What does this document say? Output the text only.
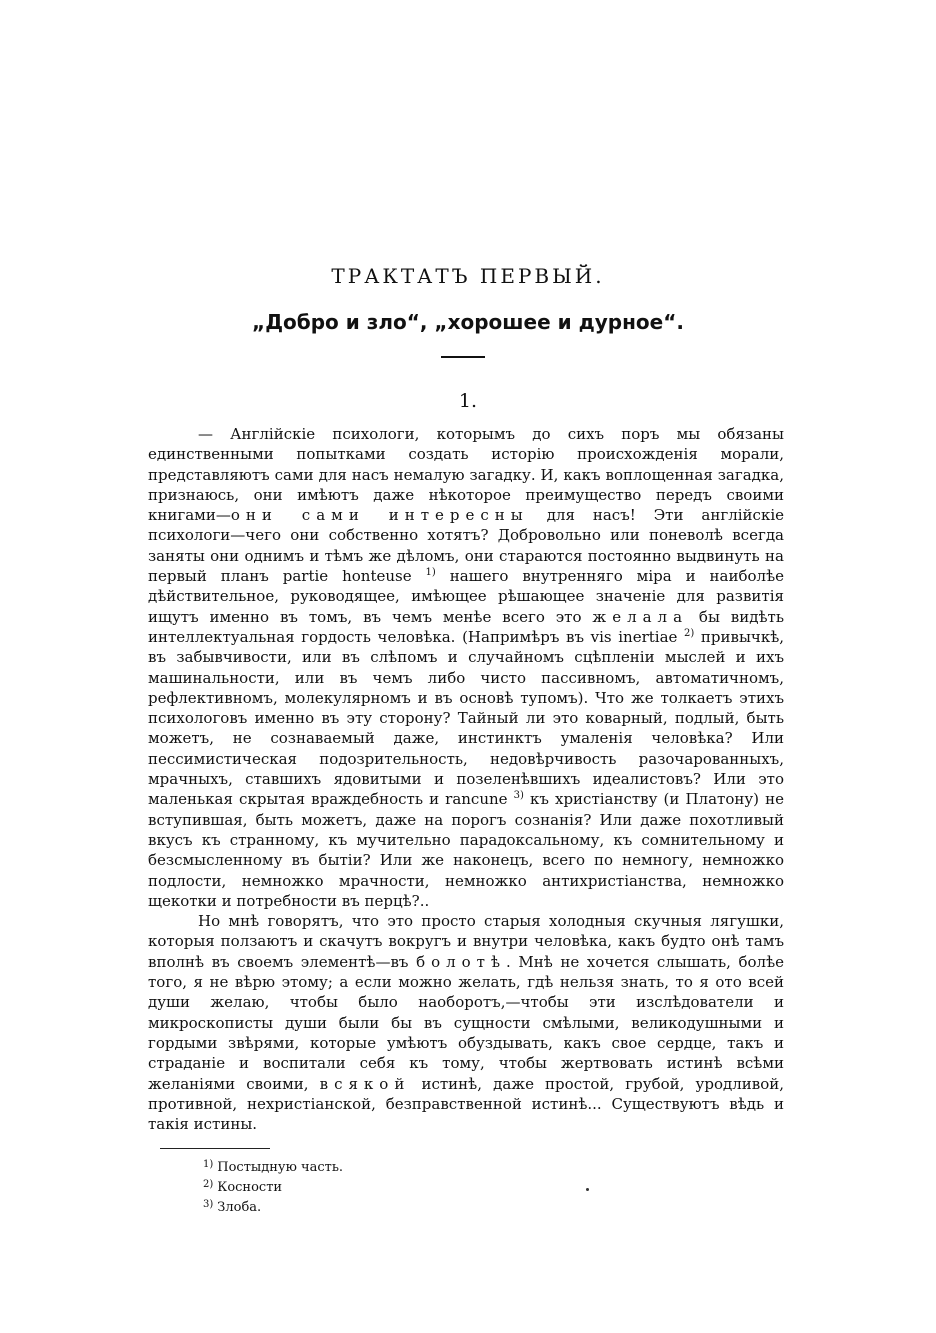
ТРАКТАТЪ ПЕРВЫЙ.
„Добро и зло“, „хорошее и дурное“.
1.

— Англійскіе психологи, которымъ до сихъ поръ мы обязаны единственными попытками создать исторію происхожденія морали, представляютъ сами для насъ немалую загадку. И, какъ воплощенная загадка, признаюсь, они имѣютъ даже нѣкоторое преимущество передъ своими книгами—они сами интересны для насъ! Эти англійскіе психологи—чего они собственно хотятъ? Добровольно или поневолѣ всегда заняты они однимъ и тѣмъ же дѣломъ, они стараются постоянно выдвинуть на первый планъ partie honteuse $^{1)}$ нашего внутренняго міра и наиболѣе дѣйствительное, руководящее, имѣющее рѣшающее значеніе для развитія ищутъ именно въ томъ, въ чемъ менѣе всего это желала бы видѣть интеллектуальная гордость человѣка. (Напримѣръ въ vis inertiae $^{2)}$ привычкѣ, въ забывчивости, или въ слѣпомъ и случайномъ сцѣпленіи мыслей и ихъ машинальности, или въ чемъ либо чисто пассивномъ, автоматичномъ, рефлективномъ, молекулярномъ и въ основѣ тупомъ). Что же толкаетъ этихъ психологовъ именно въ эту сторону? Тайный ли это коварный, подлый, быть можетъ, не сознаваемый даже, инстинктъ умаленія человѣка? Или пессимистическая подозрительность, недовѣрчивость разочарованныхъ, мрачныхъ, ставшихъ ядовитыми и позеленѣвшихъ идеалистовъ? Или это маленькая скрытая враждебность и rancune $^{3)}$ къ христіанству (и Платону) не вступившая, быть можетъ, даже на порогъ сознанія? Или даже похотливый вкусъ къ странному, къ мучительно парадоксальному, къ сомнительному и безсмысленному въ бытіи? Или же наконецъ, всего по немногу, немножко подлости, немножко мрачности, немножко антихристіанства, немножко щекотки и потребности въ перцѣ?..

Но мнѣ говорятъ, что это просто старыя холодныя скучныя лягушки, которыя ползаютъ и скачутъ вокругъ и внутри человѣка, какъ будто онѣ тамъ вполнѣ въ своемъ элементѣ—въ болотѣ. Мнѣ не хочется слышать, болѣе того, я не вѣрю этому; а если можно желать, гдѣ нельзя знать, то я ото всей души желаю, чтобы было наоборотъ,—чтобы эти изслѣдователи и микроскописты души были бы въ сущности смѣлыми, великодушными и гордыми звѣрями, которые умѣютъ обуздывать, какъ свое сердце, такъ и страданіе и воспитали себя къ тому, чтобы жертвовать истинѣ всѣми желаніями своими, всякой истинѣ, даже простой, грубой, уродливой, противной, нехристіанской, безправственной истинѣ... Существуютъ вѣдь и такія истины.

$^{1)}$ Постыдную часть.
$^{2)}$ Косности
$^{3)}$ Злоба.
